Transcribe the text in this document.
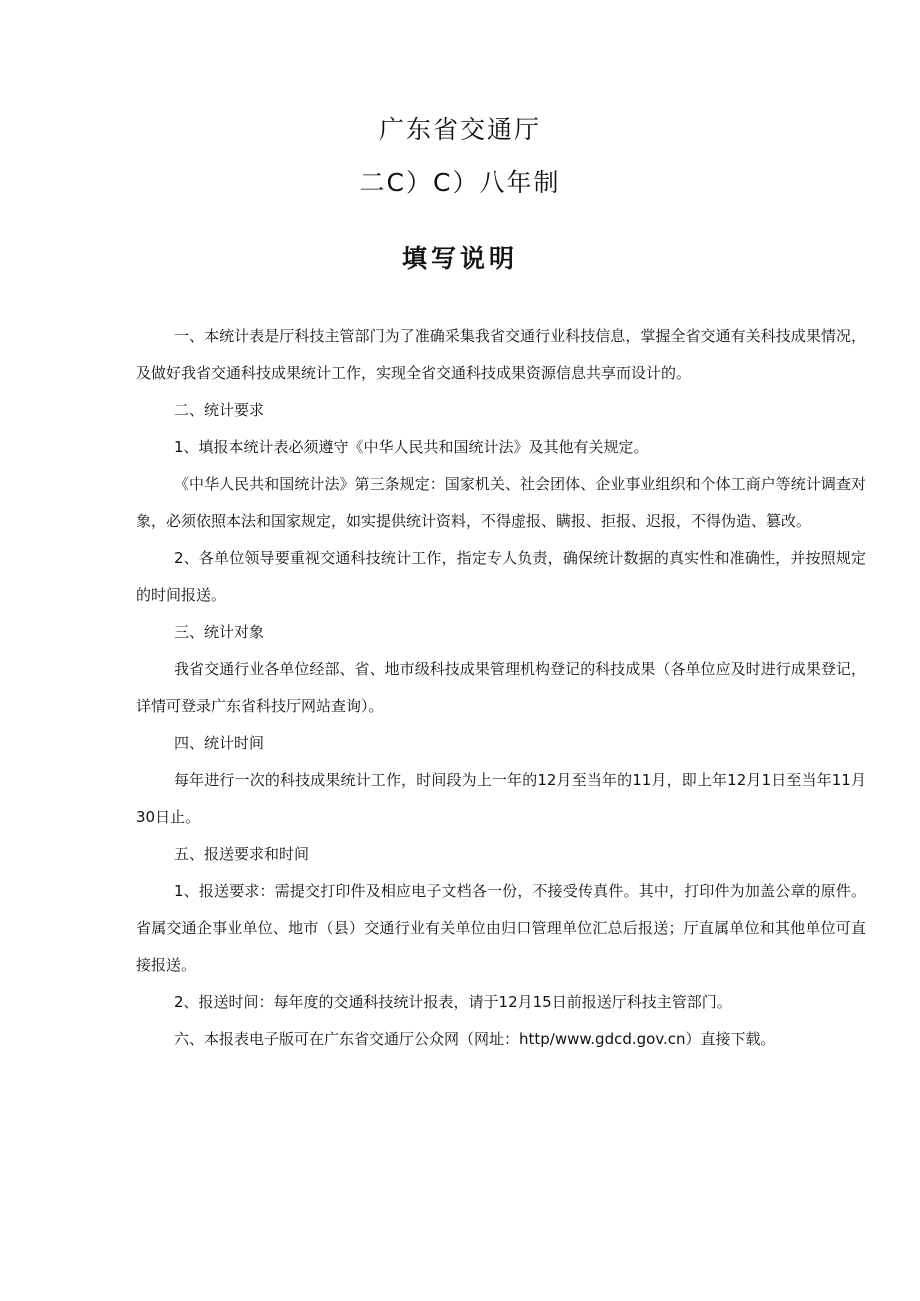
广东省交通厅
二C）C）八年制
填写说明

一、本统计表是厅科技主管部门为了准确采集我省交通行业科技信息，掌握全省交通有关科技成果情况，及做好我省交通科技成果统计工作，实现全省交通科技成果资源信息共享而设计的。

二、统计要求

1、填报本统计表必须遵守《中华人民共和国统计法》及其他有关规定。

《中华人民共和国统计法》第三条规定：国家机关、社会团体、企业事业组织和个体工商户等统计调查对象，必须依照本法和国家规定，如实提供统计资料，不得虚报、瞒报、拒报、迟报，不得伪造、篡改。

2、各单位领导要重视交通科技统计工作，指定专人负责，确保统计数据的真实性和准确性，并按照规定的时间报送。

三、统计对象

我省交通行业各单位经部、省、地市级科技成果管理机构登记的科技成果（各单位应及时进行成果登记，详情可登录广东省科技厅网站查询）。

四、统计时间

每年进行一次的科技成果统计工作，时间段为上一年的12月至当年的11月，即上年12月1日至当年11月30日止。

五、报送要求和时间

1、报送要求：需提交打印件及相应电子文档各一份，不接受传真件。其中，打印件为加盖公章的原件。省属交通企事业单位、地市（县）交通行业有关单位由归口管理单位汇总后报送；厅直属单位和其他单位可直接报送。

2、报送时间：每年度的交通科技统计报表，请于12月15日前报送厅科技主管部门。

六、本报表电子版可在广东省交通厅公众网（网址：http∕www.gdcd.gov.cn）直接下载。
